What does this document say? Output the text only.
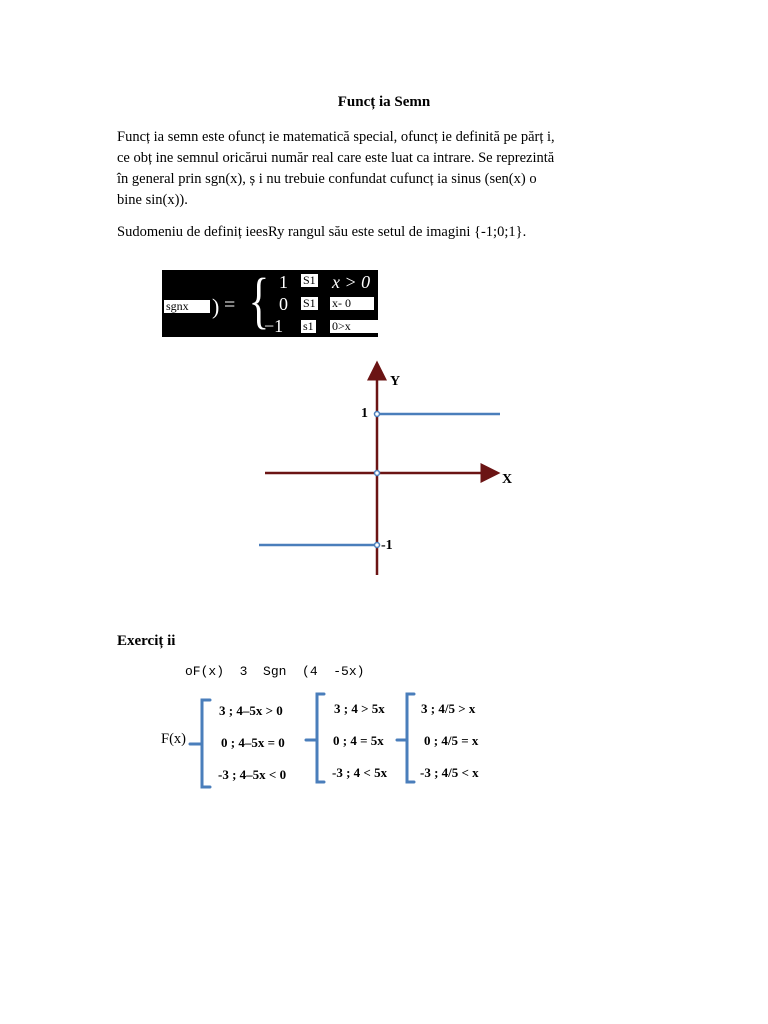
Funcț ia Semn
Funcț ia semn este ofuncț ie matematică special, ofuncț ie definită pe părț i,
ce obț ine semnul oricărui număr real care este luat ca intrare. Se reprezintă
în general prin sgn(x), ș i nu trebuie confundat cufuncț ia sinus (sen(x) o
bine sin(x)).
Sudomeniu de definiț ieesRy rangul său este setul de imagini {-1;0;1}.
sgnx	) = { 1 S1 x > 0
0 S1 x- 0
−1 s1 0>x
Y
X
1
-1
Exerciț ii
oF(x)  3  Sgn  (4  -5x)
F(x)
3 ; 4–5x > 0
0 ; 4–5x = 0
-3 ; 4–5x < 0
3 ; 4 > 5x
0 ; 4 = 5x
-3 ; 4 < 5x
3 ; 4/5 > x
0 ; 4/5 = x
-3 ; 4/5 < x
